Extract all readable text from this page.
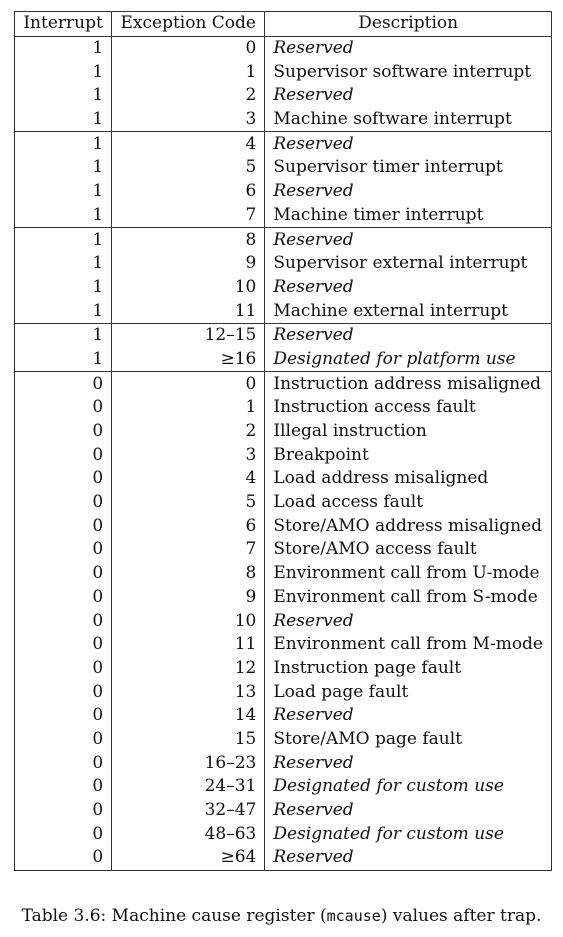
Interrupt	Exception Code	Description
1	0	Reserved
1	1	Supervisor software interrupt
1	2	Reserved
1	3	Machine software interrupt
1	4	Reserved
1	5	Supervisor timer interrupt
1	6	Reserved
1	7	Machine timer interrupt
1	8	Reserved
1	9	Supervisor external interrupt
1	10	Reserved
1	11	Machine external interrupt
1	12–15	Reserved
1	≥16	Designated for platform use
0	0	Instruction address misaligned
0	1	Instruction access fault
0	2	Illegal instruction
0	3	Breakpoint
0	4	Load address misaligned
0	5	Load access fault
0	6	Store/AMO address misaligned
0	7	Store/AMO access fault
0	8	Environment call from U-mode
0	9	Environment call from S-mode
0	10	Reserved
0	11	Environment call from M-mode
0	12	Instruction page fault
0	13	Load page fault
0	14	Reserved
0	15	Store/AMO page fault
0	16–23	Reserved
0	24–31	Designated for custom use
0	32–47	Reserved
0	48–63	Designated for custom use
0	≥64	Reserved
Table 3.6: Machine cause register (mcause) values after trap.
